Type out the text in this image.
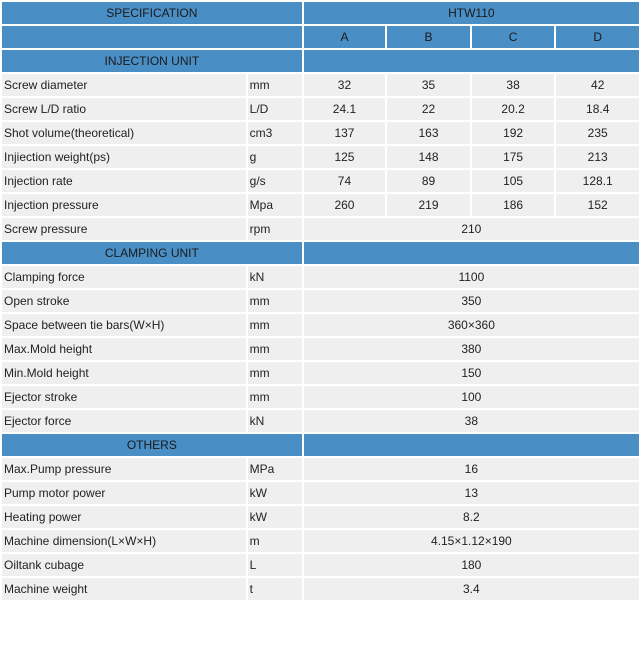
SPECIFICATION		HTW110			
		A	B	C	D
INJECTION UNIT					
Screw diameter	mm	32	35	38	42
Screw L/D ratio	L/D	24.1	22	20.2	18.4
Shot volume(theoretical)	cm3	137	163	192	235
Injiection weight(ps)	g	125	148	175	213
Injection rate	g/s	74	89	105	128.1
Injection pressure	Mpa	260	219	186	152
Screw pressure	rpm	210			
CLAMPING UNIT					
Clamping force	kN	1100			
Open stroke	mm	350			
Space between tie bars(W×H)	mm	360×360			
Max.Mold height	mm	380			
Min.Mold height	mm	150			
Ejector stroke	mm	100			
Ejector force	kN	38			
OTHERS					
Max.Pump pressure	MPa	16			
Pump motor power	kW	13			
Heating power	kW	8.2			
Machine dimension(L×W×H)	m	4.15×1.12×190			
Oiltank cubage	L	180			
Machine weight	t	3.4			
